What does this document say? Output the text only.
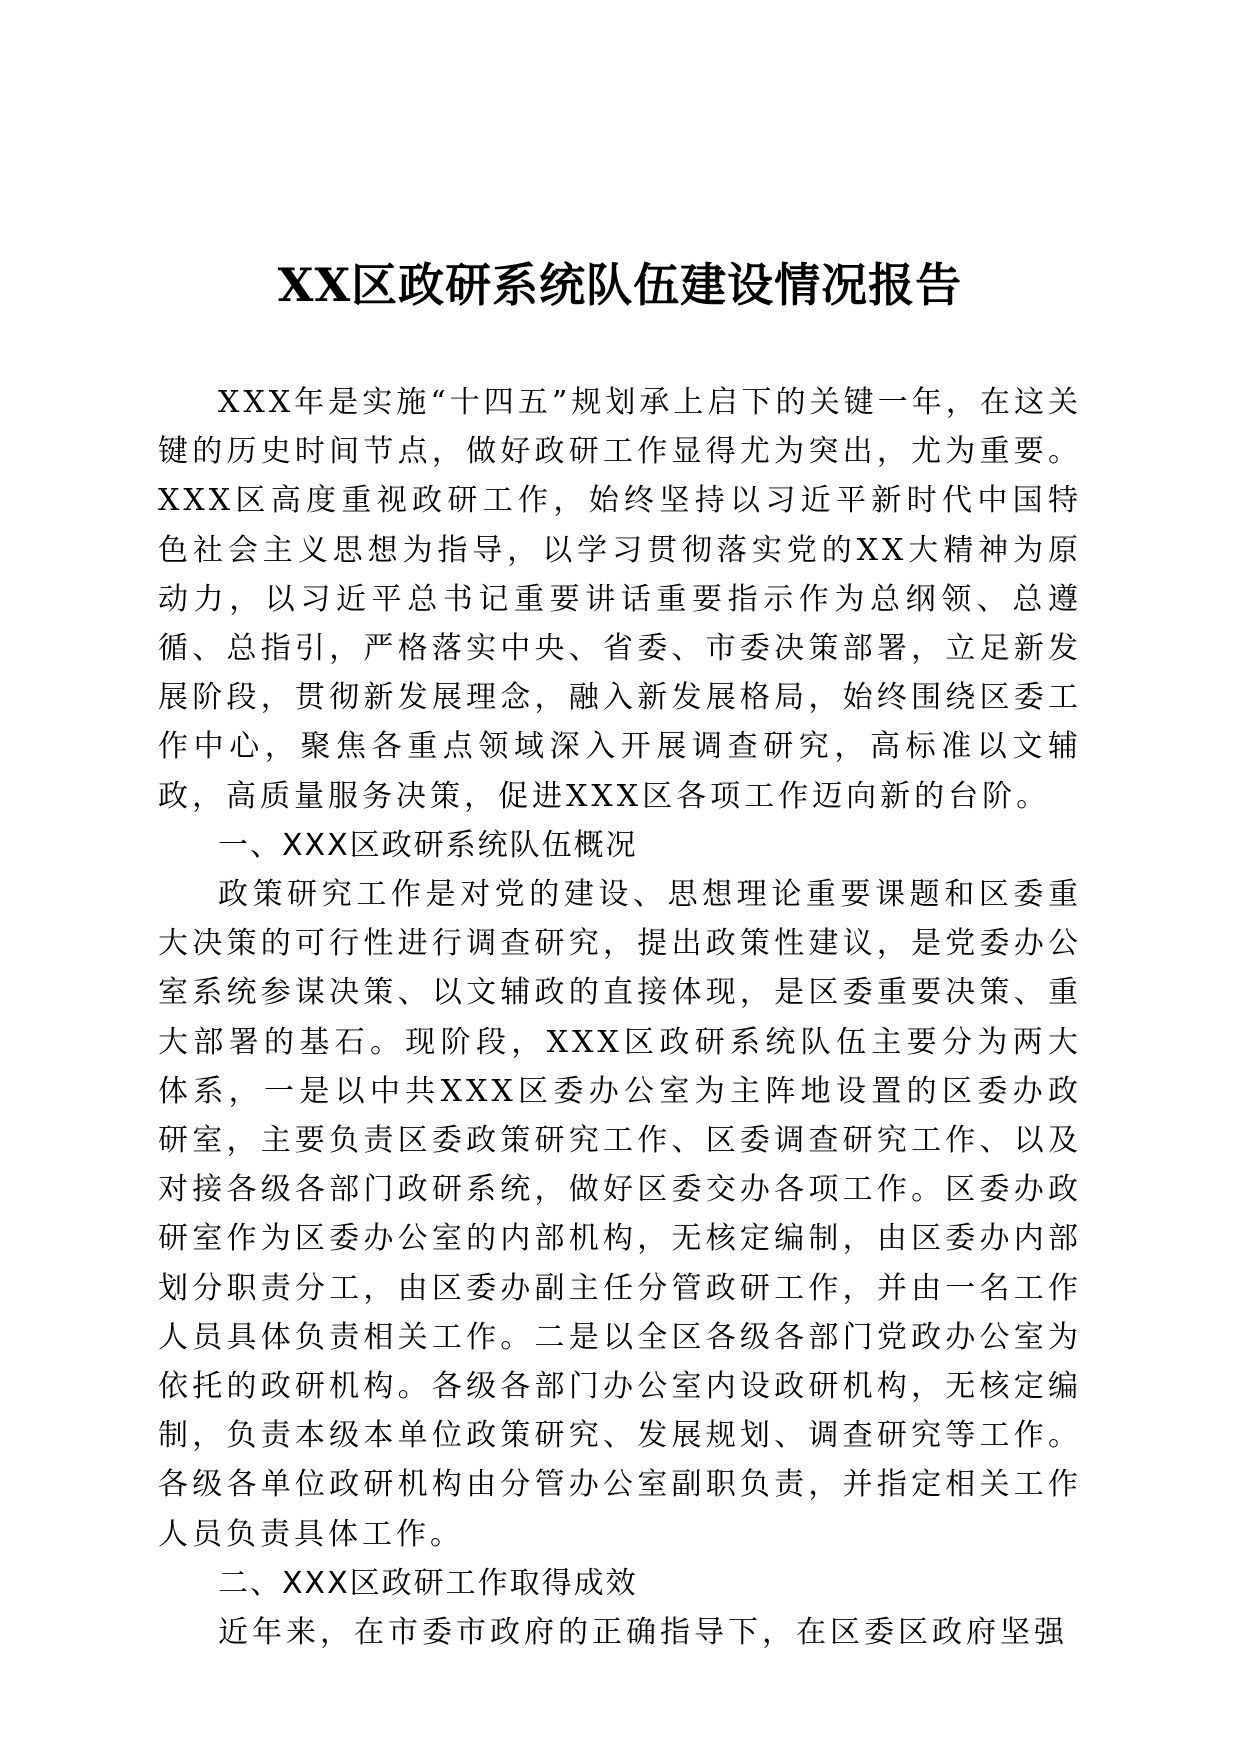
XX区政研系统队伍建设情况报告

XXX年是实施“十四五”规划承上启下的关键一年，在这关键的历史时间节点，做好政研工作显得尤为突出，尤为重要。XXX区高度重视政研工作，始终坚持以习近平新时代中国特色社会主义思想为指导，以学习贯彻落实党的XX大精神为原动力，以习近平总书记重要讲话重要指示作为总纲领、总遵循、总指引，严格落实中央、省委、市委决策部署，立足新发展阶段，贯彻新发展理念，融入新发展格局，始终围绕区委工作中心，聚焦各重点领域深入开展调查研究，高标准以文辅政，高质量服务决策，促进XXX区各项工作迈向新的台阶。

一、XXX区政研系统队伍概况

政策研究工作是对党的建设、思想理论重要课题和区委重大决策的可行性进行调查研究，提出政策性建议，是党委办公室系统参谋决策、以文辅政的直接体现，是区委重要决策、重大部署的基石。现阶段，XXX区政研系统队伍主要分为两大体系，一是以中共XXX区委办公室为主阵地设置的区委办政研室，主要负责区委政策研究工作、区委调查研究工作、以及对接各级各部门政研系统，做好区委交办各项工作。区委办政研室作为区委办公室的内部机构，无核定编制，由区委办内部划分职责分工，由区委办副主任分管政研工作，并由一名工作人员具体负责相关工作。二是以全区各级各部门党政办公室为依托的政研机构。各级各部门办公室内设政研机构，无核定编制，负责本级本单位政策研究、发展规划、调查研究等工作。各级各单位政研机构由分管办公室副职负责，并指定相关工作人员负责具体工作。

二、XXX区政研工作取得成效

近年来，在市委市政府的正确指导下，在区委区政府坚强
